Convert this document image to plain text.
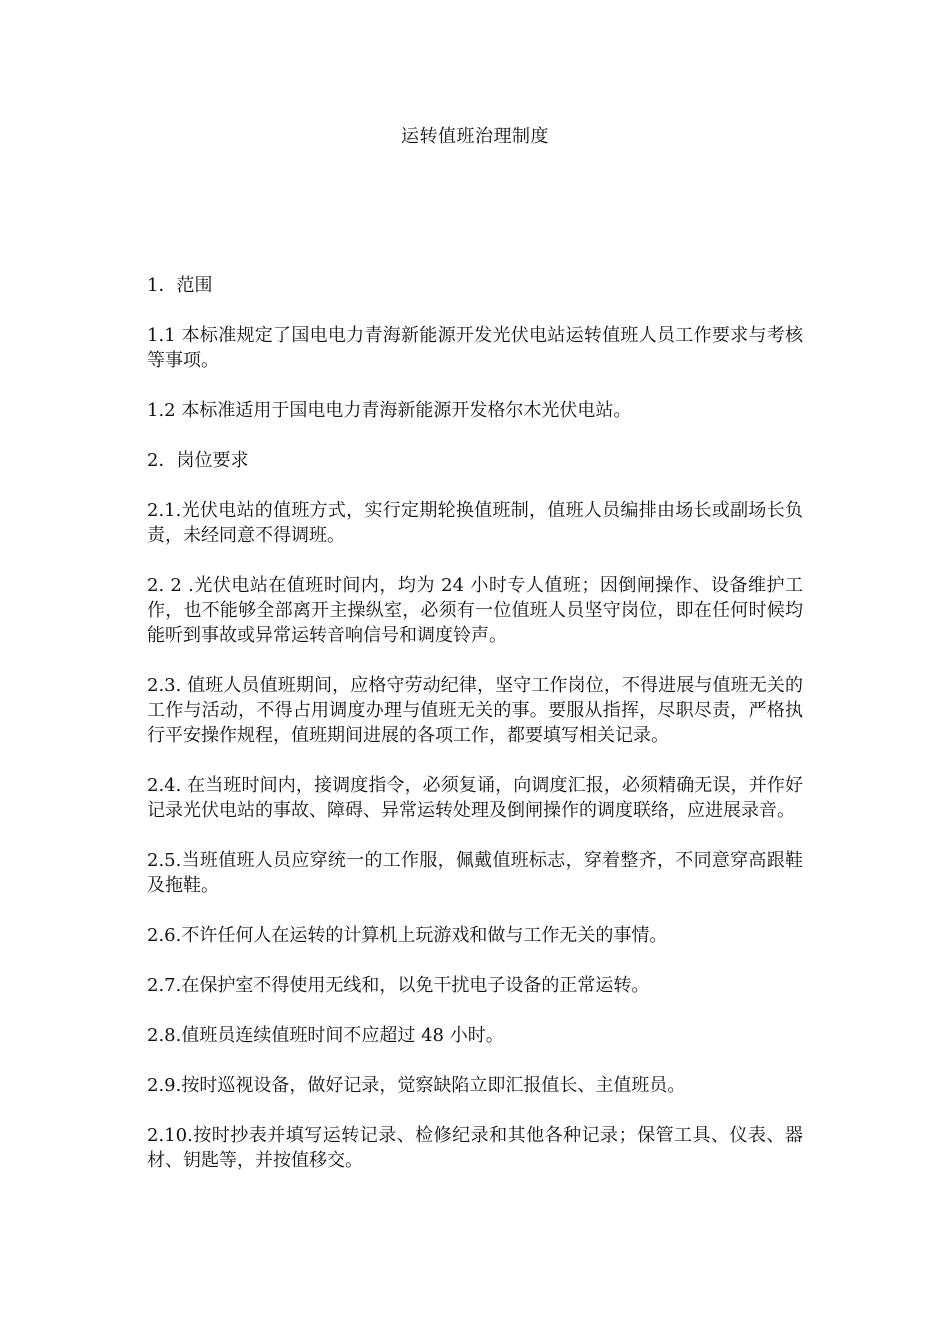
运转值班治理制度

1．范围

1.1 本标准规定了国电电力青海新能源开发光伏电站运转值班人员工作要求与考核等事项。

1.2 本标准适用于国电电力青海新能源开发格尔木光伏电站。

2．岗位要求

2.1.光伏电站的值班方式，实行定期轮换值班制，值班人员编排由场长或副场长负责，未经同意不得调班。

2. 2 .光伏电站在值班时间内，均为 24 小时专人值班；因倒闸操作、设备维护工作，也不能够全部离开主操纵室，必须有一位值班人员坚守岗位，即在任何时候均能听到事故或异常运转音响信号和调度铃声。

2.3. 值班人员值班期间，应格守劳动纪律，坚守工作岗位，不得进展与值班无关的工作与活动，不得占用调度办理与值班无关的事。要服从指挥，尽职尽责，严格执行平安操作规程，值班期间进展的各项工作，都要填写相关记录。

2.4. 在当班时间内，接调度指令，必须复诵，向调度汇报，必须精确无误，并作好记录光伏电站的事故、障碍、异常运转处理及倒闸操作的调度联络，应进展录音。

2.5.当班值班人员应穿统一的工作服，佩戴值班标志，穿着整齐，不同意穿高跟鞋及拖鞋。

2.6.不许任何人在运转的计算机上玩游戏和做与工作无关的事情。

2.7.在保护室不得使用无线和，以免干扰电子设备的正常运转。

2.8.值班员连续值班时间不应超过 48 小时。

2.9.按时巡视设备，做好记录，觉察缺陷立即汇报值长、主值班员。

2.10.按时抄表并填写运转记录、检修纪录和其他各种记录；保管工具、仪表、器材、钥匙等，并按值移交。
